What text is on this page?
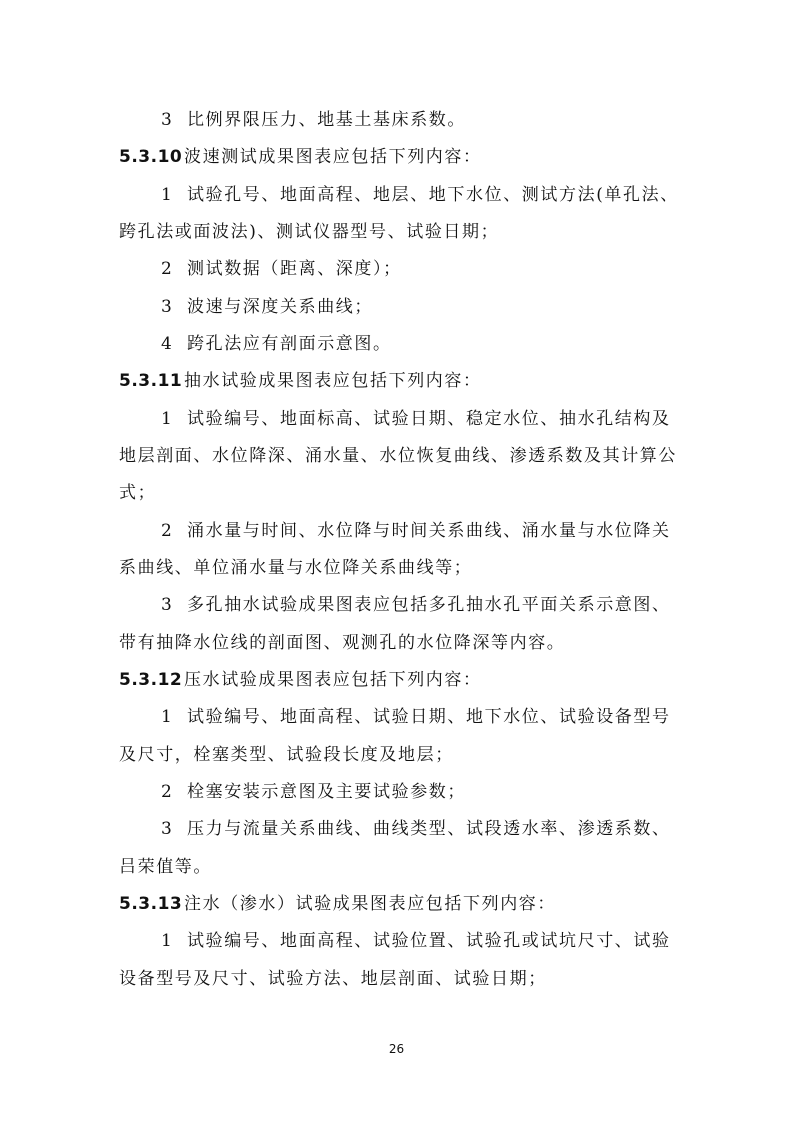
3 比例界限压力、地基土基床系数。
5.3.10 波速测试成果图表应包括下列内容：
1 试验孔号、地面高程、地层、地下水位、测试方法(单孔法、
跨孔法或面波法)、测试仪器型号、试验日期；
2 测试数据（距离、深度）；
3 波速与深度关系曲线；
4 跨孔法应有剖面示意图。
5.3.11 抽水试验成果图表应包括下列内容：
1 试验编号、地面标高、试验日期、稳定水位、抽水孔结构及
地层剖面、水位降深、涌水量、水位恢复曲线、渗透系数及其计算公
式；
2 涌水量与时间、水位降与时间关系曲线、涌水量与水位降关
系曲线、单位涌水量与水位降关系曲线等；
3 多孔抽水试验成果图表应包括多孔抽水孔平面关系示意图、
带有抽降水位线的剖面图、观测孔的水位降深等内容。
5.3.12 压水试验成果图表应包括下列内容：
1 试验编号、地面高程、试验日期、地下水位、试验设备型号
及尺寸，栓塞类型、试验段长度及地层；
2 栓塞安装示意图及主要试验参数；
3 压力与流量关系曲线、曲线类型、试段透水率、渗透系数、
吕荣值等。
5.3.13 注水（渗水）试验成果图表应包括下列内容：
1 试验编号、地面高程、试验位置、试验孔或试坑尺寸、试验
设备型号及尺寸、试验方法、地层剖面、试验日期；
26
